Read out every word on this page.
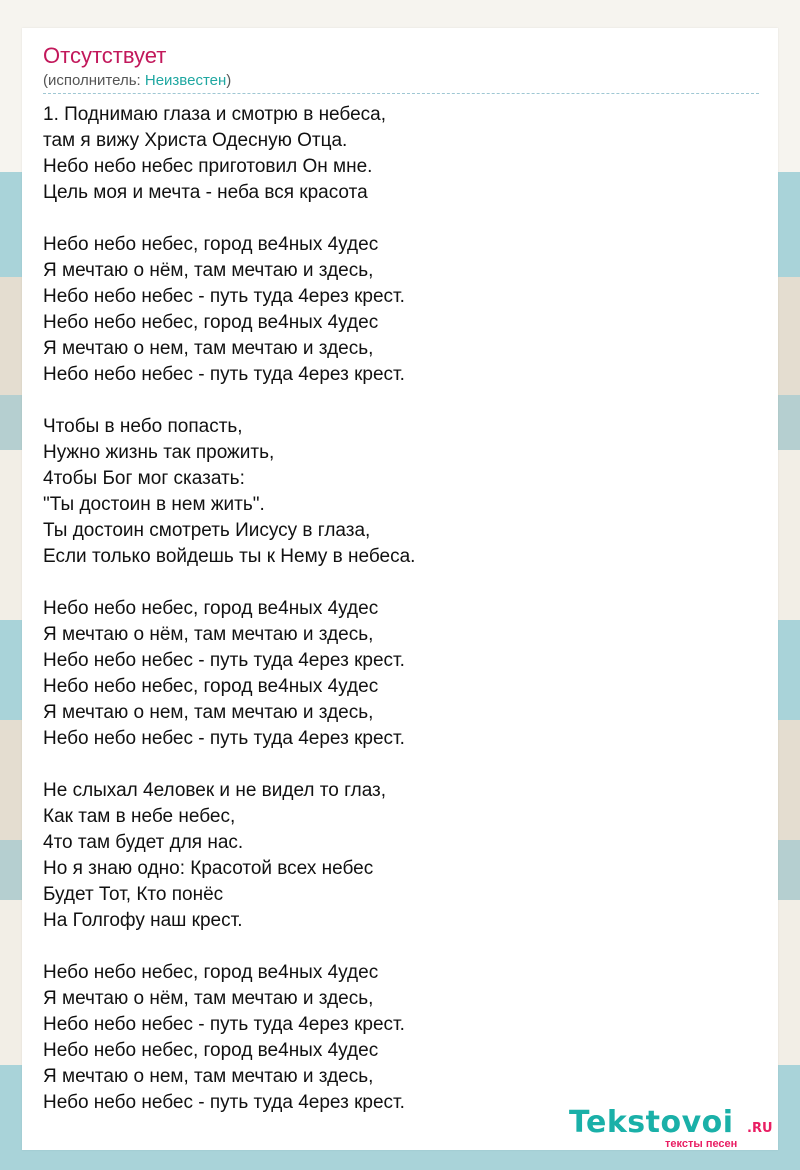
Отсутствует
(исполнитель: Неизвестен)
1. Поднимаю глаза и смотрю в небеса,
там я вижу Христа Одесную Отца.
Небо небо небес приготовил Он мне.
Цель моя и мечта - неба вся красота
Небо небо небес, город ве4ных 4удес
Я мечтаю о нём, там мечтаю и здесь,
Небо небо небес - путь туда 4ерез крест.
Небо небо небес, город ве4ных 4удес
Я мечтаю о нем, там мечтаю и здесь,
Небо небо небес - путь туда 4ерез крест.
Чтобы в небо попасть,
Нужно жизнь так прожить,
4тобы Бог мог сказать:
"Ты достоин в нем жить".
Ты достоин смотреть Иисусу в глаза,
Если только войдешь ты к Нему в небеса.
Небо небо небес, город ве4ных 4удес
Я мечтаю о нём, там мечтаю и здесь,
Небо небо небес - путь туда 4ерез крест.
Небо небо небес, город ве4ных 4удес
Я мечтаю о нем, там мечтаю и здесь,
Небо небо небес - путь туда 4ерез крест.
Не слыхал 4еловек и не видел то глаз,
Как там в небе небес,
4то там будет для нас.
Но я знаю одно: Красотой всех небес
Будет Тот, Кто понёс
На Голгофу наш крест.
Небо небо небес, город ве4ных 4удес
Я мечтаю о нём, там мечтаю и здесь,
Небо небо небес - путь туда 4ерез крест.
Небо небо небес, город ве4ных 4удес
Я мечтаю о нем, там мечтаю и здесь,
Небо небо небес - путь туда 4ерез крест.
Tekstovoi .RU
тексты песен
